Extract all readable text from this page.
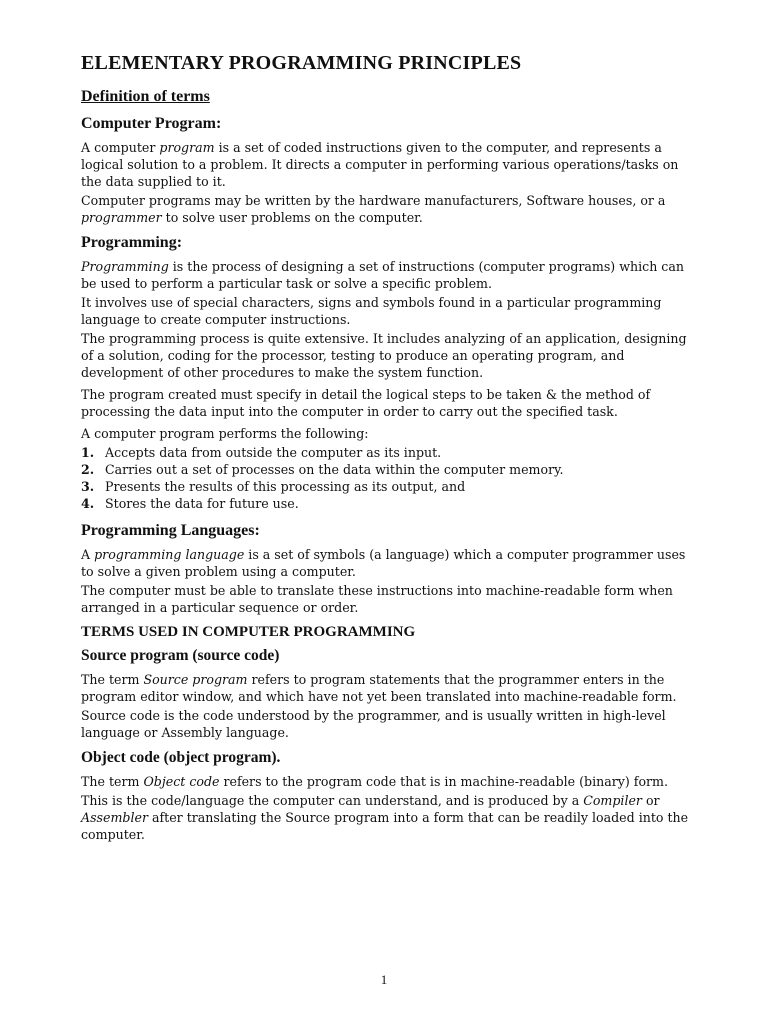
ELEMENTARY PROGRAMMING PRINCIPLES
Definition of terms
Computer Program:

A computer program is a set of coded instructions given to the computer, and represents a logical solution to a problem. It directs a computer in performing various operations/tasks on the data supplied to it.

Computer programs may be written by the hardware manufacturers, Software houses, or a programmer to solve user problems on the computer.

Programming:

Programming is the process of designing a set of instructions (computer programs) which can be used to perform a particular task or solve a specific problem.

It involves use of special characters, signs and symbols found in a particular programming language to create computer instructions.

The programming process is quite extensive. It includes analyzing of an application, designing of a solution, coding for the processor, testing to produce an operating program, and development of other procedures to make the system function.

The program created must specify in detail the logical steps to be taken & the method of processing the data input into the computer in order to carry out the specified task.

A computer program performs the following:

1. Accepts data from outside the computer as its input.
2. Carries out a set of processes on the data within the computer memory.
3. Presents the results of this processing as its output, and
4. Stores the data for future use.
Programming Languages:

A programming language is a set of symbols (a language) which a computer programmer uses to solve a given problem using a computer.

The computer must be able to translate these instructions into machine-readable form when arranged in a particular sequence or order.

TERMS USED IN COMPUTER PROGRAMMING
Source program (source code)

The term Source program refers to program statements that the programmer enters in the program editor window, and which have not yet been translated into machine-readable form.

Source code is the code understood by the programmer, and is usually written in high-level language or Assembly language.

Object code (object program).

The term Object code refers to the program code that is in machine-readable (binary) form.

This is the code/language the computer can understand, and is produced by a Compiler or Assembler after translating the Source program into a form that can be readily loaded into the computer.

1
